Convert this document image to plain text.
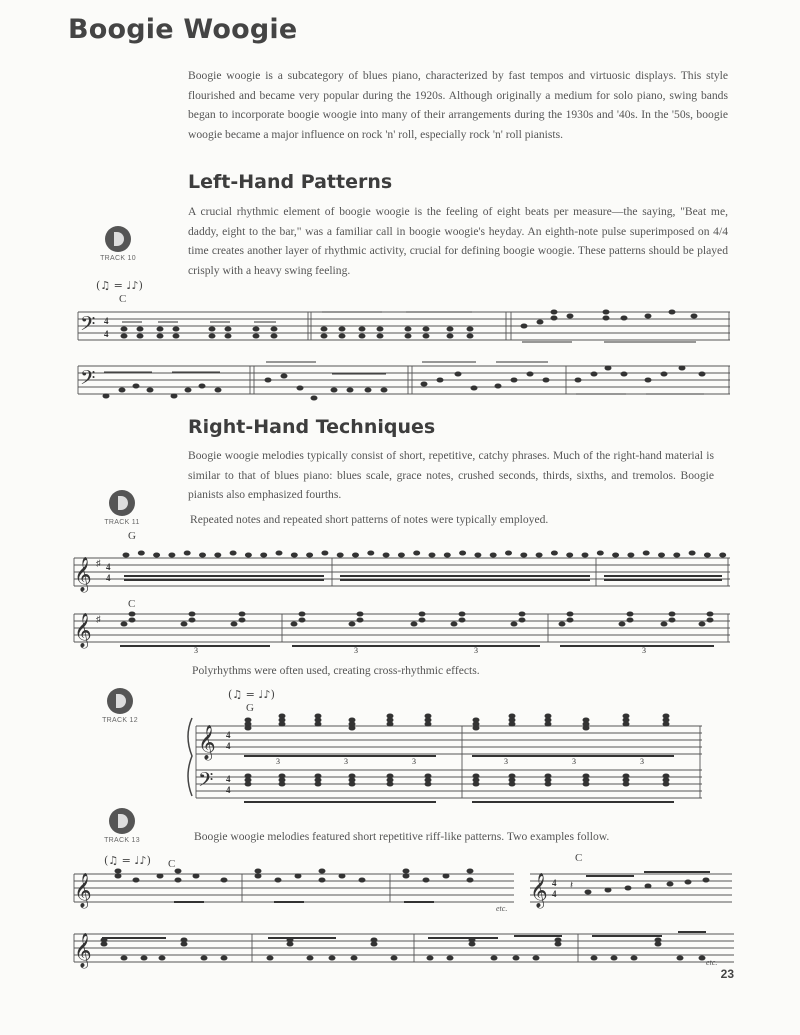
Boogie Woogie
Boogie woogie is a subcategory of blues piano, characterized by fast tempos and virtuosic displays. This style flourished and became very popular during the 1920s. Although originally a medium for solo piano, swing bands began to incorporate boogie woogie into many of their arrangements during the 1930s and '40s. In the '50s, boogie woogie became a major influence on rock 'n' roll, especially rock 'n' roll pianists.
Left-Hand Patterns
A crucial rhythmic element of boogie woogie is the feeling of eight beats per measure—the saying, "Beat me, daddy, eight to the bar," was a familiar call in boogie woogie's heyday. An eighth-note pulse superimposed on 4/4 time creates another layer of rhythmic activity, crucial for defining boogie woogie. These patterns should be played crisply with a heavy swing feeling.
TRACK 10
(♫ = ♩♪)
C
𝄢 4
4
𝄢
Right-Hand Techniques
Boogie woogie melodies typically consist of short, repetitive, catchy phrases. Much of the right-hand material is similar to that of blues piano: blues scale, grace notes, crushed seconds, thirds, sixths, and tremolos. Boogie pianists also emphasized fourths.
TRACK 11	Repeated notes and repeated short patterns of notes were typically employed.
G
𝄞 ♯ 4
4
C
𝄞 ♯
3	3	3	3
Polyrhythms were often used, creating cross-rhythmic effects.
TRACK 12
(♫ = ♩♪)
G
𝄞
𝄢
4
4
4
4
3	3	3	3	3	3
TRACK 13	Boogie woogie melodies featured short repetitive riff-like patterns. Two examples follow.
(♫ = ♩♪) C	C
𝄞	𝄞 4
4
𝄽
etc.
𝄞	etc.
23
